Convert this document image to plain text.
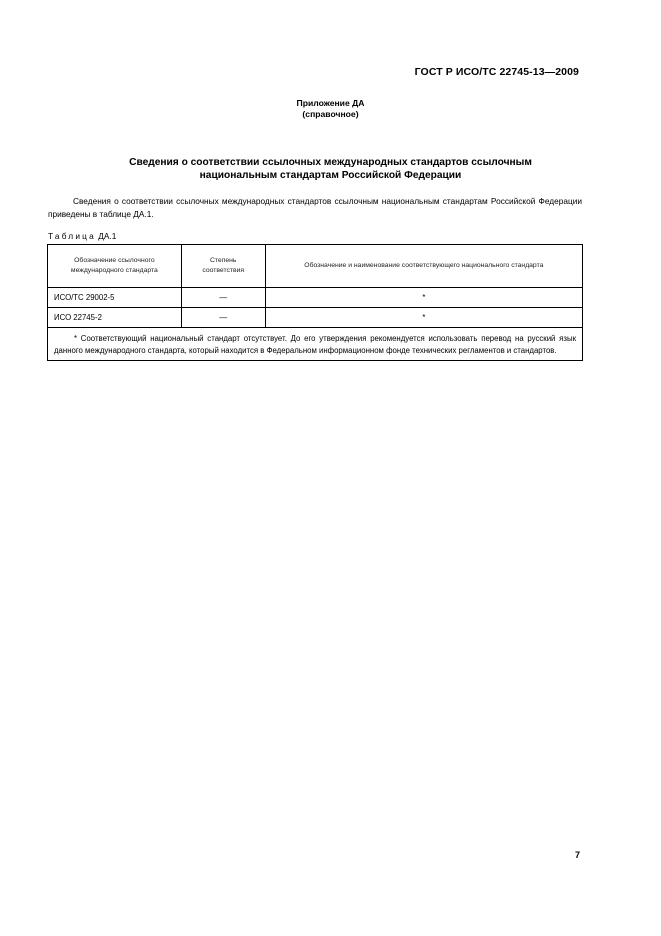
ГОСТ Р ИСО/ТС 22745-13—2009
Приложение ДА
(справочное)
Сведения о соответствии ссылочных международных стандартов ссылочным
национальным стандартам Российской Федерации
Сведения о соответствии ссылочных международных стандартов ссылочным национальным стандартам Российской Федерации приведены в таблице ДА.1.
Таблица ДА.1
Обозначение ссылочного международного стандарта	Степень соответствия	Обозначение и наименование соответствующего национального стандарта
ИСО/ТС 29002-5	—	*
ИСО 22745-2	—	*
* Соответствующий национальный стандарт отсутствует. До его утверждения рекомендуется использовать перевод на русский язык данного международного стандарта, который находится в Федеральном информационном фонде технических регламентов и стандартов.		
7
